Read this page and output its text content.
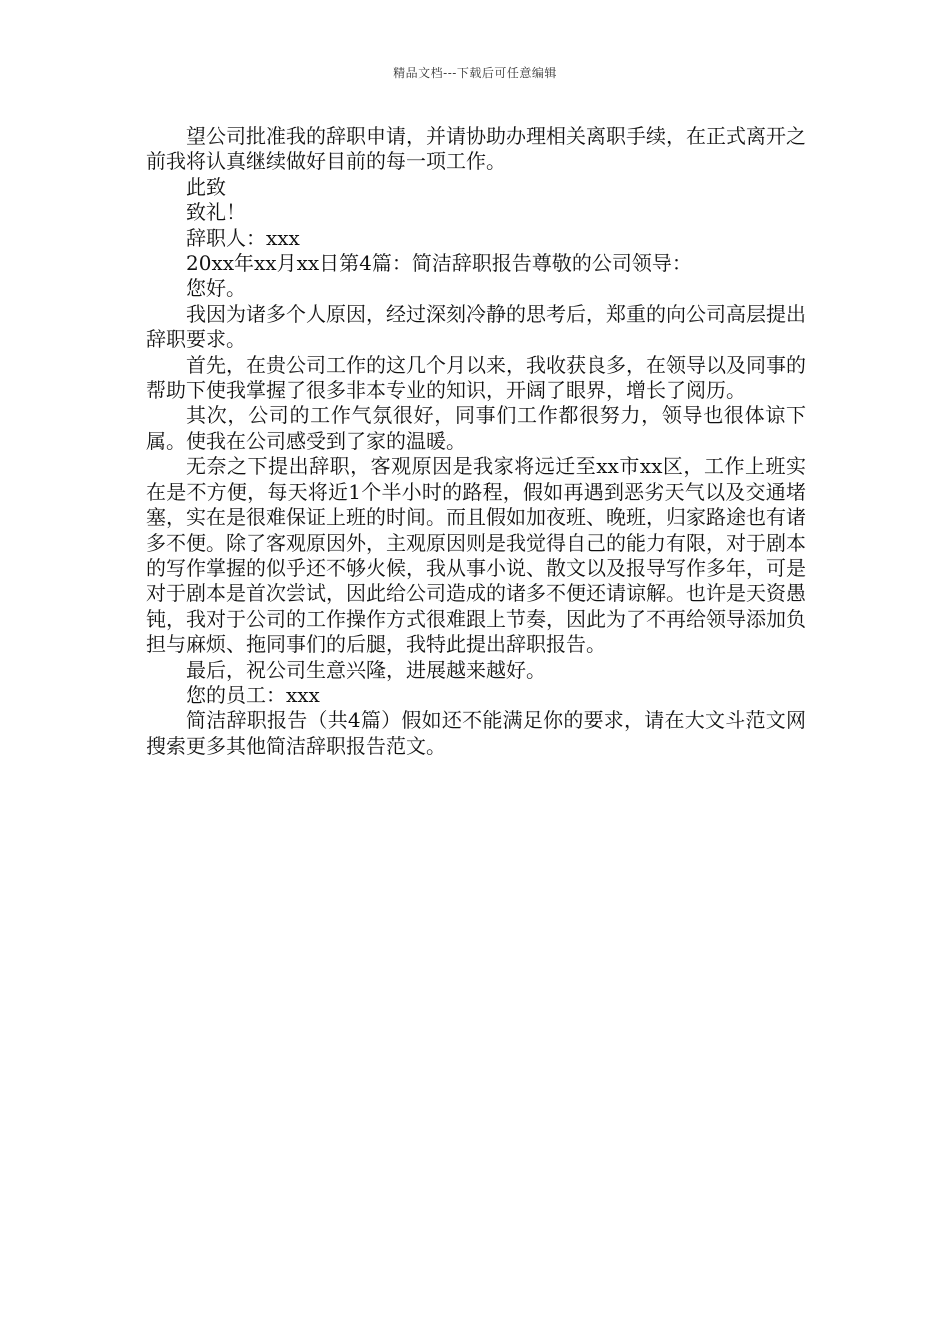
精品文档---下载后可任意编辑

望公司批准我的辞职申请，并请协助办理相关离职手续，在正式离开之前我将认真继续做好目前的每一项工作。

此致

致礼！

辞职人：xxx

20xx年xx月xx日第4篇：简洁辞职报告尊敬的公司领导：

您好。

我因为诸多个人原因，经过深刻冷静的思考后，郑重的向公司高层提出辞职要求。

首先，在贵公司工作的这几个月以来，我收获良多，在领导以及同事的帮助下使我掌握了很多非本专业的知识，开阔了眼界，增长了阅历。

其次，公司的工作气氛很好，同事们工作都很努力，领导也很体谅下属。使我在公司感受到了家的温暖。

无奈之下提出辞职，客观原因是我家将远迁至xx市xx区，工作上班实在是不方便，每天将近1个半小时的路程，假如再遇到恶劣天气以及交通堵塞，实在是很难保证上班的时间。而且假如加夜班、晚班，归家路途也有诸多不便。除了客观原因外，主观原因则是我觉得自己的能力有限，对于剧本的写作掌握的似乎还不够火候，我从事小说、散文以及报导写作多年，可是对于剧本是首次尝试，因此给公司造成的诸多不便还请谅解。也许是天资愚钝，我对于公司的工作操作方式很难跟上节奏，因此为了不再给领导添加负担与麻烦、拖同事们的后腿，我特此提出辞职报告。

最后，祝公司生意兴隆，进展越来越好。

您的员工：xxx

简洁辞职报告（共4篇）假如还不能满足你的要求，请在大文斗范文网搜索更多其他简洁辞职报告范文。
